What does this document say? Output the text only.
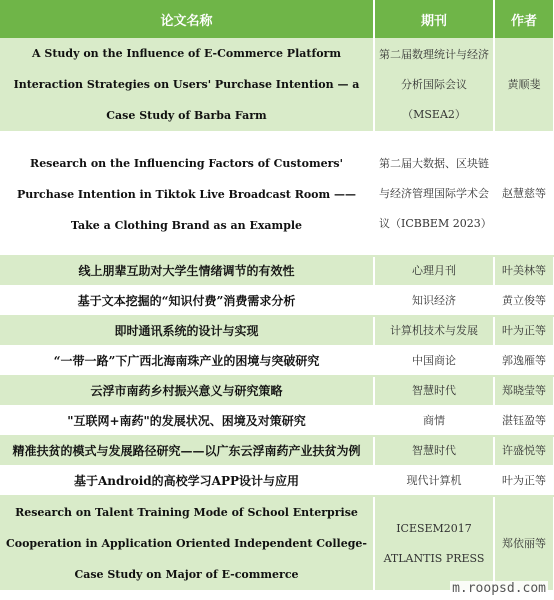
论文名称	期刊	作者
A Study on the Influence of E-Commerce Platform Interaction Strategies on Users' Purchase Intention — a Case Study of Barba Farm	第二届数理统计与经济分析国际会议（MSEA2）	黄顺斐
Research on the Influencing Factors of Customers' Purchase Intention in Tiktok Live Broadcast Room ——Take a Clothing Brand as an Example	第二届大数据、区块链与经济管理国际学术会议（ICBBEM 2023）	赵慧慈等
线上朋辈互助对大学生情绪调节的有效性	心理月刊	叶美林等
基于文本挖掘的“知识付费”消费需求分析	知识经济	黄立俊等
即时通讯系统的设计与实现	计算机技术与发展	叶为正等
“一带一路”下广西北海南珠产业的困境与突破研究	中国商论	郭逸雁等
云浮市南药乡村振兴意义与研究策略	智慧时代	郑晓莹等
"互联网+南药"的发展状况、困境及对策研究	商情	湛钰盈等
精准扶贫的模式与发展路径研究——以广东云浮南药产业扶贫为例	智慧时代	许盛悦等
基于Android的高校学习APP设计与应用	现代计算机	叶为正等
Research on Talent Training Mode of School Enterprise Cooperation in Application Oriented Independent College-Case Study on Major of E-commerce	ICESEM2017 ATLANTIS PRESS	郑依丽等
m.roopsd.com
